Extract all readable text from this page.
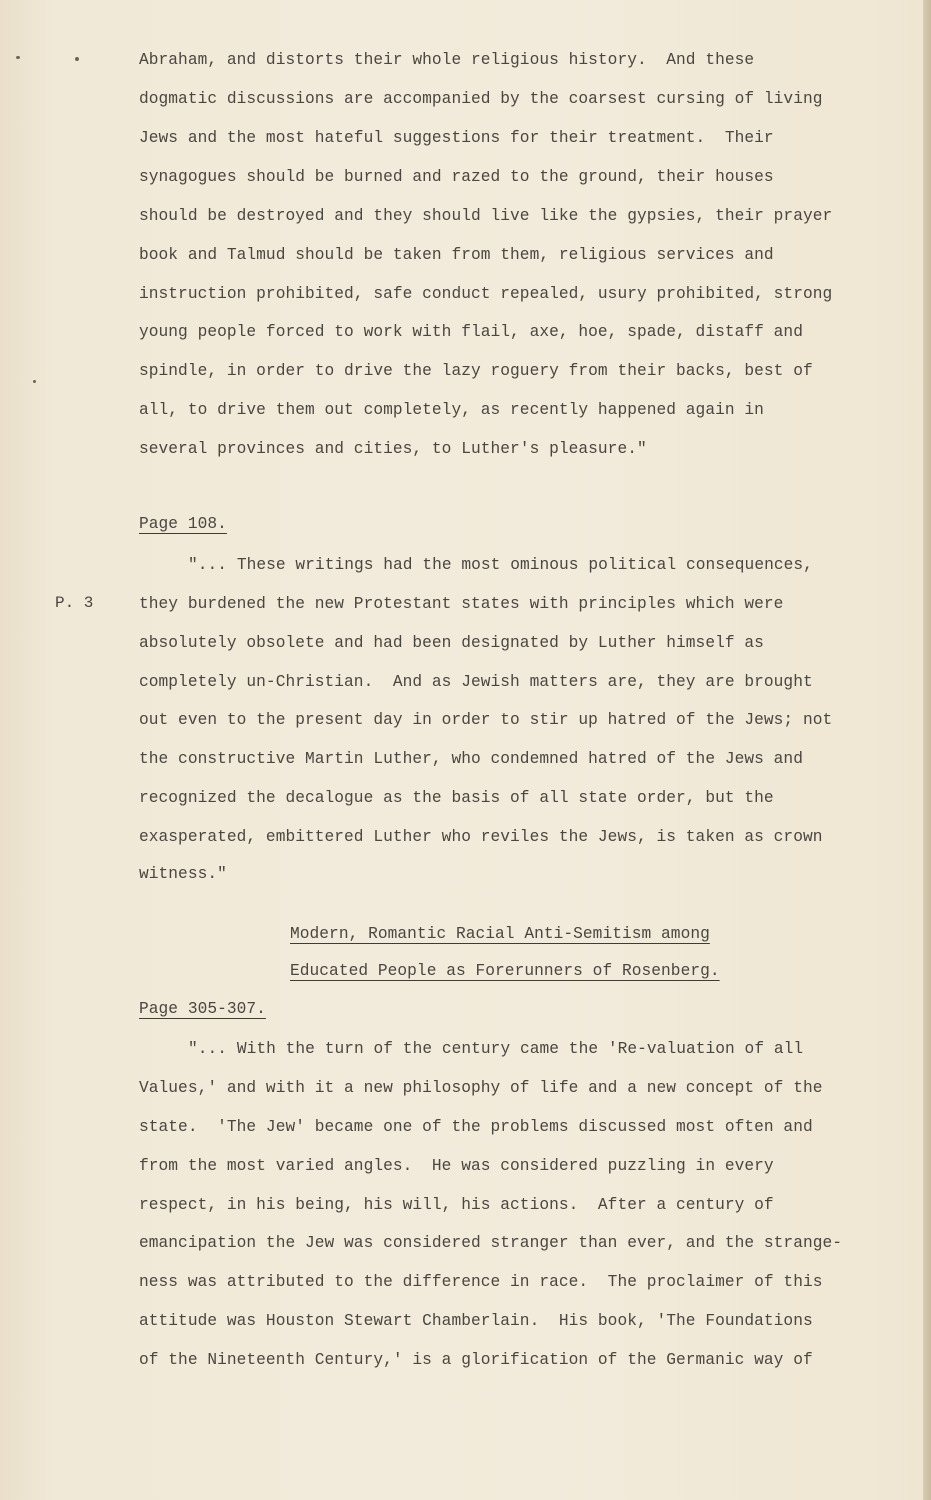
Abraham, and distorts their whole religious history.  And these
dogmatic discussions are accompanied by the coarsest cursing of living
Jews and the most hateful suggestions for their treatment.  Their
synagogues should be burned and razed to the ground, their houses
should be destroyed and they should live like the gypsies, their prayer
book and Talmud should be taken from them, religious services and
instruction prohibited, safe conduct repealed, usury prohibited, strong
young people forced to work with flail, axe, hoe, spade, distaff and
spindle, in order to drive the lazy roguery from their backs, best of
all, to drive them out completely, as recently happened again in
several provinces and cities, to Luther's pleasure."
Page 108.
P. 3
"... These writings had the most ominous political consequences,
they burdened the new Protestant states with principles which were
absolutely obsolete and had been designated by Luther himself as
completely un-Christian.  And as Jewish matters are, they are brought
out even to the present day in order to stir up hatred of the Jews; not
the constructive Martin Luther, who condemned hatred of the Jews and
recognized the decalogue as the basis of all state order, but the
exasperated, embittered Luther who reviles the Jews, is taken as crown
witness."
Modern, Romantic Racial Anti-Semitism among
Educated People as Forerunners of Rosenberg.
Page 305-307.
"... With the turn of the century came the 'Re-valuation of all
Values,' and with it a new philosophy of life and a new concept of the
state.  'The Jew' became one of the problems discussed most often and
from the most varied angles.  He was considered puzzling in every
respect, in his being, his will, his actions.  After a century of
emancipation the Jew was considered stranger than ever, and the strange-
ness was attributed to the difference in race.  The proclaimer of this
attitude was Houston Stewart Chamberlain.  His book, 'The Foundations
of the Nineteenth Century,' is a glorification of the Germanic way of
